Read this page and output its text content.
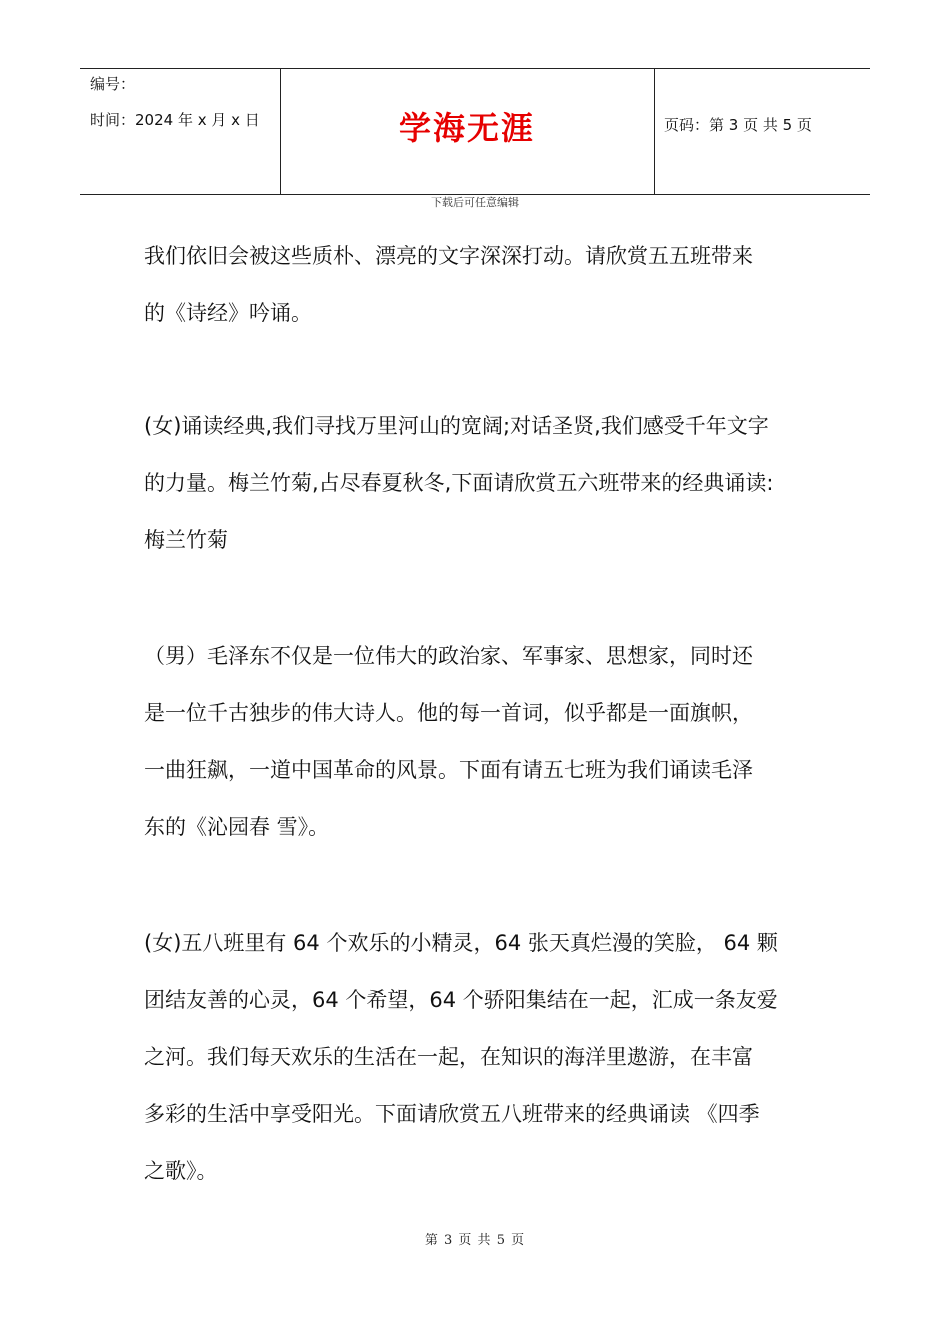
编号：
时间：2024 年 x 月 x 日	学海无涯	页码：第 3 页 共 5 页
下载后可任意编辑
我们依旧会被这些质朴、漂亮的文字深深打动。请欣赏五五班带来
的《诗经》吟诵。
(女)诵读经典,我们寻找万里河山的宽阔;对话圣贤,我们感受千年文字
的力量。梅兰竹菊,占尽春夏秋冬,下面请欣赏五六班带来的经典诵读:
梅兰竹菊
（男）毛泽东不仅是一位伟大的政治家、军事家、思想家，同时还
是一位千古独步的伟大诗人。他的每一首词，似乎都是一面旗帜，
一曲狂飙，一道中国革命的风景。下面有请五七班为我们诵读毛泽
东的《沁园春 雪》。
(女)五八班里有 64 个欢乐的小精灵，64 张天真烂漫的笑脸， 64 颗
团结友善的心灵，64 个希望，64 个骄阳集结在一起，汇成一条友爱
之河。我们每天欢乐的生活在一起，在知识的海洋里遨游，在丰富
多彩的生活中享受阳光。下面请欣赏五八班带来的经典诵读 《四季
之歌》。
第 3 页 共 5 页
